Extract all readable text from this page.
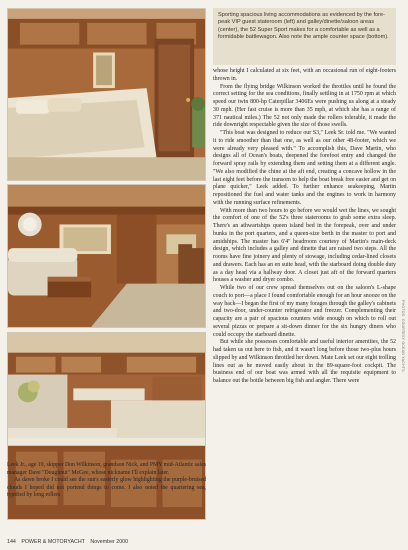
Sporting spacious living accommodations as evidenced by the fore-peak VIP guest stateroom (left) and galley/dinette/saloon areas (center), the 52 Super Sport makes for a comfortable as well as a formidable battlewagon. Also note the ample counter space (bottom).

whose height I calculated at six feet, with an occasional run of eight-footers thrown in.

From the flying bridge Wilkinson worked the throttles until he found the correct setting for the sea conditions, finally settling in at 1750 rpm at which speed our twin 800-hp Caterpillar 3406Es were pushing us along at a steady 30 mph. (Her fast cruise is more than 35 mph, at which she has a range of 371 nautical miles.) The 52 not only made the rollers tolerable, it made the ride downright respectable given the size of those swells.

"This boat was designed to reduce our S3," Leek Sr. told me. "We wanted it to ride smoother than that one, as well as our other 48-footer, which we were already very pleased with." To accomplish this, Dave Martin, who designs all of Ocean's boats, deepened the forefoot entry and changed the forward spray rails by extending them and setting them at a different angle. "We also modified the chine at the aft end, creating a concave hollow in the last eight feet before the transom to help the boat break free easier and get on plane quicker," Leek added. To further enhance seakeeping, Martin repositioned the fuel and water tanks and the engines to work in harmony with the running surface refinements.

With more than two hours to go before we would wet the lines, we sought the comfort of one of the 52's three staterooms to grab some extra sleep. There's an athwartships queen island bed in the forepeak, over and under bunks in the port quarters, and a queen-size berth in the master to port and amidships. The master has 6'4" headroom courtesy of Martin's main-deck design, which includes a galley and dinette that are raised two steps. All the rooms have fine joinery and plenty of stowage, including cedar-lined closets and drawers. Each has an en suite head, with the starboard doing double duty as a day head via a hallway door. A closet just aft of the forward quarters houses a washer and dryer combo.

While two of our crew spread themselves out on the saloon's L-shape couch to port—a place I found comfortable enough for an hour snooze on the way back—I began the first of my many forages through the galley's cabinets and two-door, under-counter refrigerator and freezer. Complementing their capacity are a pair of spacious counters wide enough on which to roll out several pizzas or prepare a sit-down dinner for the six hungry diners who could occupy the starboard dinette.

But while she possesses comfortable and useful interior amenities, the 52 had taken us out here to fish, and it wasn't long before those two-plus hours slipped by and Wilkinson throttled her down. Mate Leek set our eight trolling lines out as he moved easily about in the 89-square-foot cockpit. The business end of our boat was armed with all the requisite equipment to balance out the bottle between big fish and angler. There were

Leek Jr., age 19, skipper Don Wilkinson, grandson Nick, and PMY mid-Atlantic sales manager Dave "Doughnut" McGee, whose nickname I'll explain later.

As dawn broke I could see the sun's easterly glow highlighting the purple-bruised clouds I hoped did not portend things to come. I also noted the quartering sea, typified by long rollers

PHOTOS: COURTESY OCEAN YACHTS
144 POWER & MOTORYACHT November 2000
